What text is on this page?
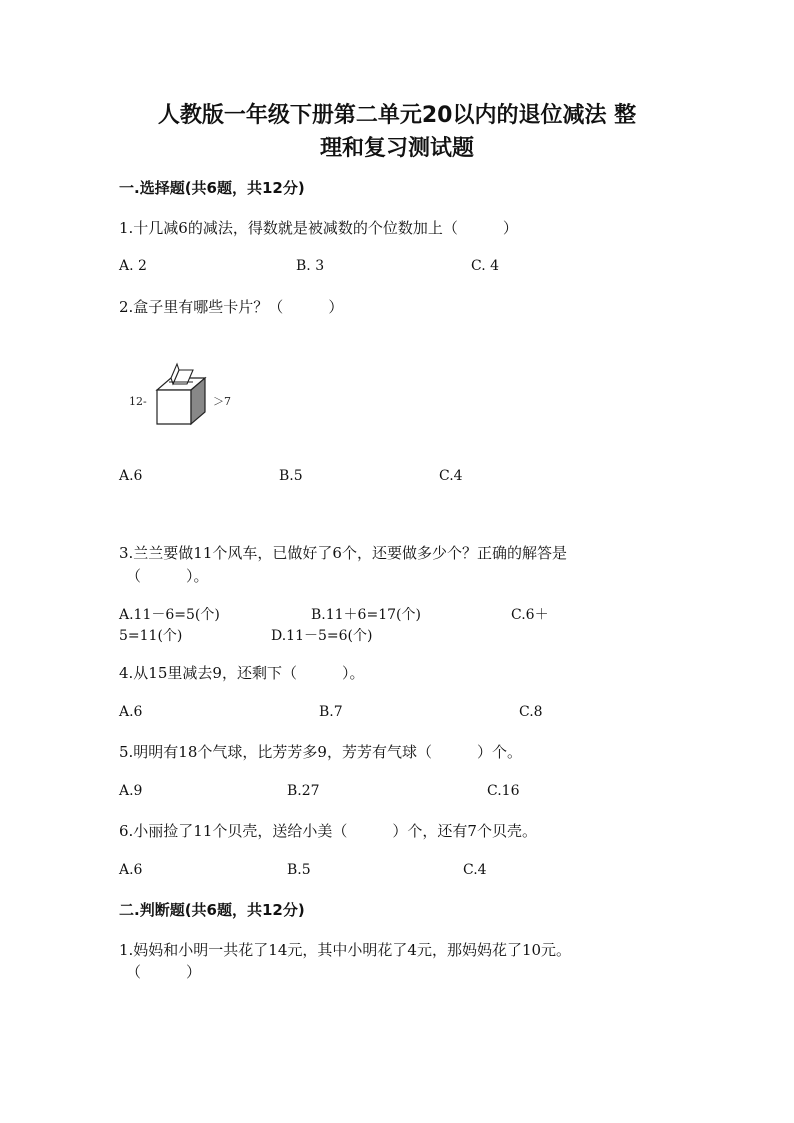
人教版一年级下册第二单元20以内的退位减法 整
理和复习测试题
一.选择题(共6题，共12分)
1.十几减6的减法，得数就是被减数的个位数加上（　　　）
A. 2	B. 3	C. 4
2.盒子里有哪些卡片？（　　　）
12-	＞7
A.6	B.5	C.4
3.兰兰要做11个风车，已做好了6个，还要做多少个？正确的解答是
（　　　）。
A.11－6=5(个)	B.11＋6=17(个)	C.6＋
5=11(个)	D.11－5=6(个)
4.从15里减去9，还剩下（　　　）。
A.6	B.7	C.8
5.明明有18个气球，比芳芳多9，芳芳有气球（　　　）个。
A.9	B.27	C.16
6.小丽捡了11个贝壳，送给小美（　　　）个，还有7个贝壳。
A.6	B.5	C.4
二.判断题(共6题，共12分)
1.妈妈和小明一共花了14元，其中小明花了4元，那妈妈花了10元。
（　　　）
